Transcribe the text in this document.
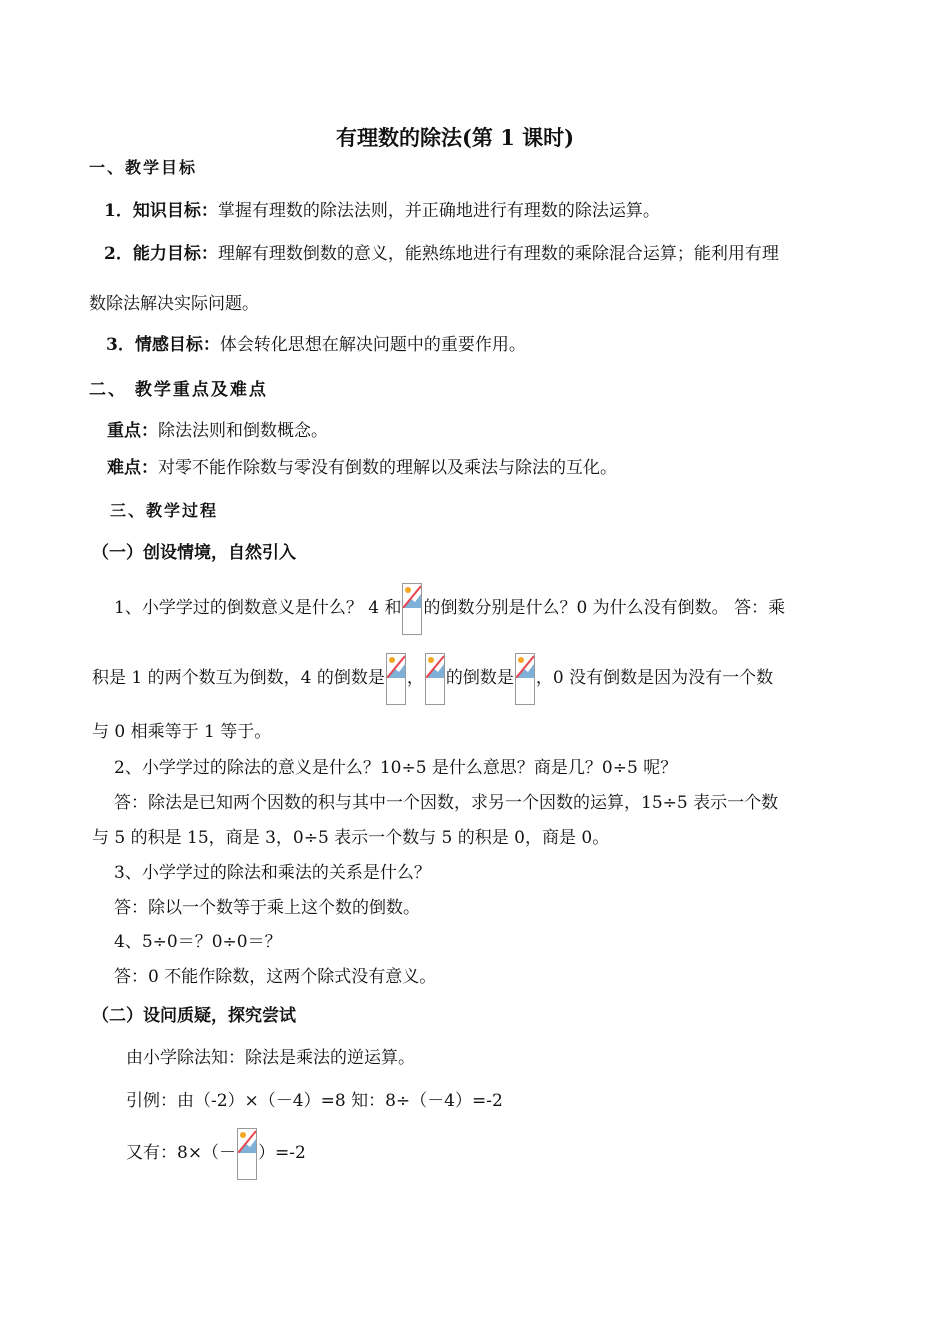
有理数的除法(第 1 课时)
一、教学目标
1．知识目标：掌握有理数的除法法则，并正确地进行有理数的除法运算。
2．能力目标：理解有理数倒数的意义，能熟练地进行有理数的乘除混合运算；能利用有理
数除法解决实际问题。
3．情感目标：体会转化思想在解决问题中的重要作用。
二、 教学重点及难点
重点：除法法则和倒数概念。
难点：对零不能作除数与零没有倒数的理解以及乘法与除法的互化。
三、教学过程
（一）创设情境，自然引入
1、小学学过的倒数意义是什么？ 4 和 的倒数分别是什么？0 为什么没有倒数。 答：乘
积是 1 的两个数互为倒数，4 的倒数是 ， 的倒数是 ，0 没有倒数是因为没有一个数
与 0 相乘等于 1 等于。
2、小学学过的除法的意义是什么？10÷5 是什么意思？商是几？0÷5 呢？
答：除法是已知两个因数的积与其中一个因数，求另一个因数的运算，15÷5 表示一个数
与 5 的积是 15，商是 3，0÷5 表示一个数与 5 的积是 0，商是 0。
3、小学学过的除法和乘法的关系是什么？
答：除以一个数等于乘上这个数的倒数。
4、5÷0＝？0÷0＝？
答：0 不能作除数，这两个除式没有意义。
（二）设问质疑，探究尝试
由小学除法知：除法是乘法的逆运算。
引例：由（-2）×（－4）=8 知：8÷（－4）=-2
又有：8×（－ ）=-2
